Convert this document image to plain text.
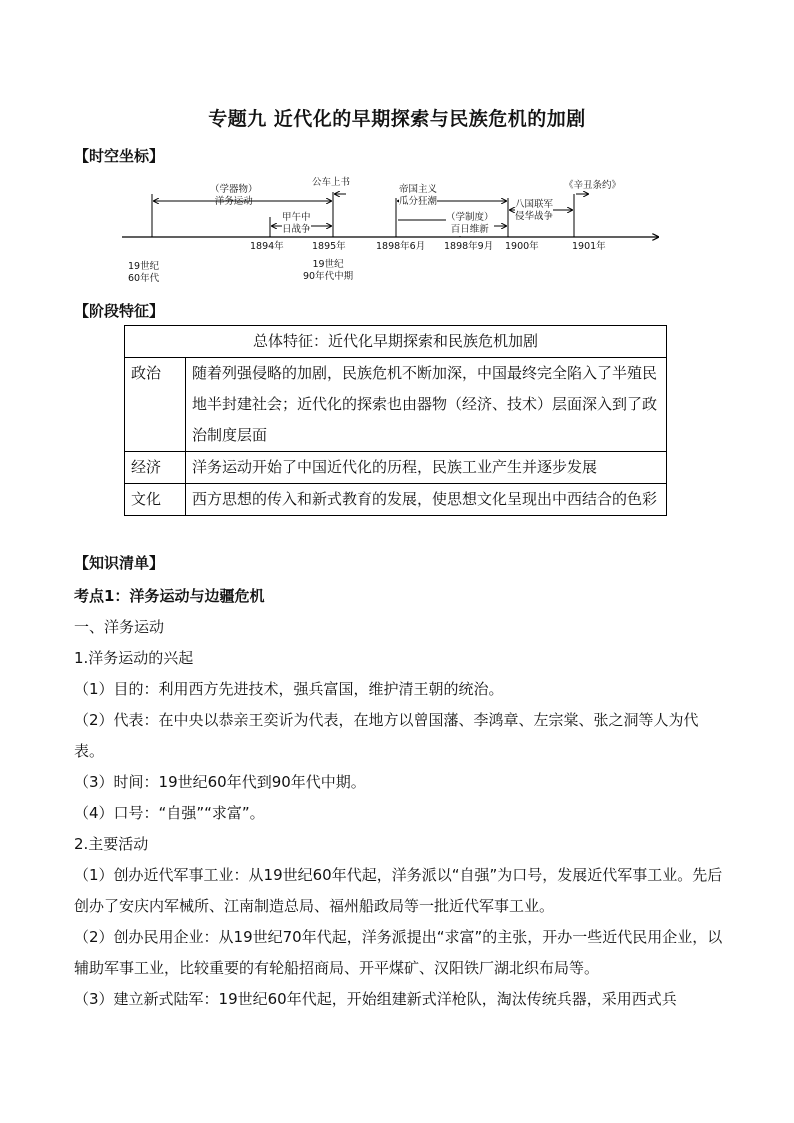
专题九 近代化的早期探索与民族危机的加剧
【时空坐标】
（学器物）
洋务运动
甲午中
日战争
公车上书
帝国主义
瓜分狂潮
（学制度）
百日维新
八国联军
侵华战争
《辛丑条约》
1894年	1895年	1898年6月 1898年9月 1900年	1901年
19世纪
60年代
19世纪
90年代中期
【阶段特征】
总体特征：近代化早期探索和民族危机加剧	
政治	随着列强侵略的加剧，民族危机不断加深，中国最终完全陷入了半殖民地半封建社会；近代化的探索也由器物（经济、技术）层面深入到了政治制度层面
经济	洋务运动开始了中国近代化的历程，民族工业产生并逐步发展
文化	西方思想的传入和新式教育的发展，使思想文化呈现出中西结合的色彩
【知识清单】

考点1：洋务运动与边疆危机

一、洋务运动

1.洋务运动的兴起

（1）目的：利用西方先进技术，强兵富国，维护清王朝的统治。

（2）代表：在中央以恭亲王奕䜣为代表，在地方以曾国藩、李鸿章、左宗棠、张之洞等人为代表。

（3）时间：19世纪60年代到90年代中期。

（4）口号：“自强”“求富”。

2.主要活动

（1）创办近代军事工业：从19世纪60年代起，洋务派以“自强”为口号，发展近代军事工业。先后创办了安庆内军械所、江南制造总局、福州船政局等一批近代军事工业。

（2）创办民用企业：从19世纪70年代起，洋务派提出“求富”的主张，开办一些近代民用企业，以辅助军事工业，比较重要的有轮船招商局、开平煤矿、汉阳铁厂湖北织布局等。

（3）建立新式陆军：19世纪60年代起，开始组建新式洋枪队，淘汰传统兵器，采用西式兵
